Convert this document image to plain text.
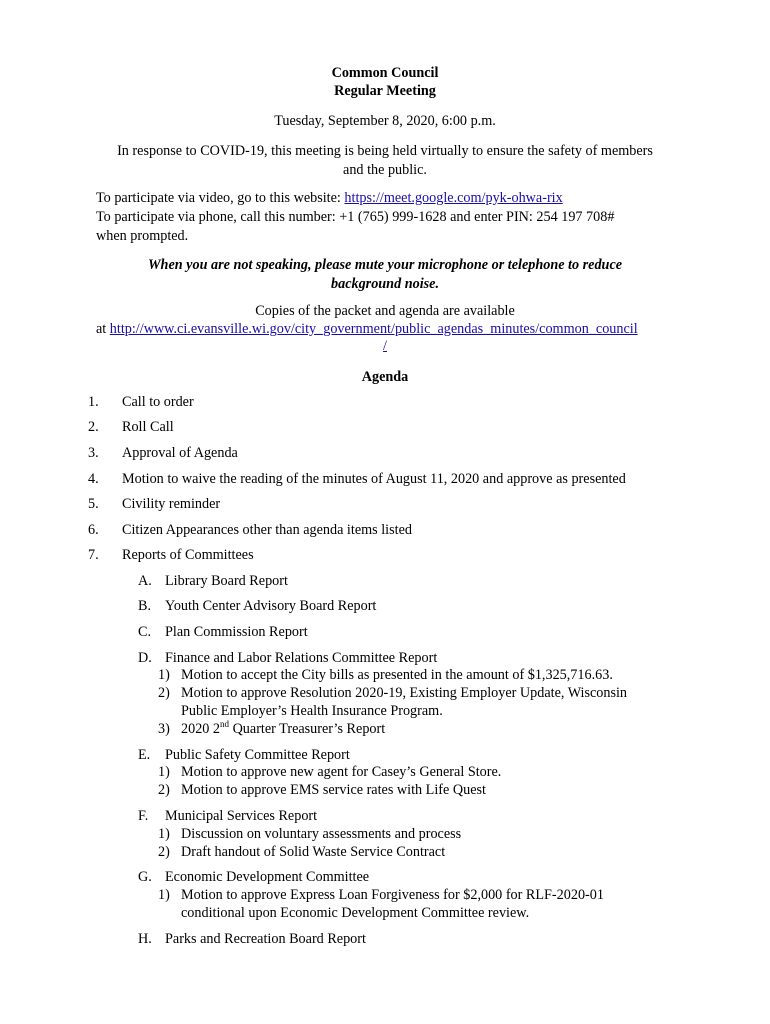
Common Council
Regular Meeting
Tuesday, September 8, 2020, 6:00 p.m.
In response to COVID-19, this meeting is being held virtually to ensure the safety of members
and the public.
To participate via video, go to this website: https://meet.google.com/pyk-ohwa-rix
To participate via phone, call this number: +1 (765) 999-1628 and enter PIN: 254 197 708#
when prompted.
When you are not speaking, please mute your microphone or telephone to reduce
background noise.
Copies of the packet and agenda are available
at http://www.ci.evansville.wi.gov/city_government/public_agendas_minutes/common_council
/
Agenda
1. Call to order
2. Roll Call
3. Approval of Agenda
4. Motion to waive the reading of the minutes of August 11, 2020 and approve as presented
5. Civility reminder
6. Citizen Appearances other than agenda items listed
7. Reports of Committees
A. Library Board Report
B. Youth Center Advisory Board Report
C. Plan Commission Report
D. Finance and Labor Relations Committee Report
1) Motion to accept the City bills as presented in the amount of $1,325,716.63.
2) Motion to approve Resolution 2020-19, Existing Employer Update, Wisconsin
Public Employer’s Health Insurance Program.
3) 2020 2nd Quarter Treasurer’s Report
E. Public Safety Committee Report
1) Motion to approve new agent for Casey’s General Store.
2) Motion to approve EMS service rates with Life Quest
F. Municipal Services Report
1) Discussion on voluntary assessments and process
2) Draft handout of Solid Waste Service Contract
G. Economic Development Committee
1) Motion to approve Express Loan Forgiveness for $2,000 for RLF-2020-01
conditional upon Economic Development Committee review.
H. Parks and Recreation Board Report
